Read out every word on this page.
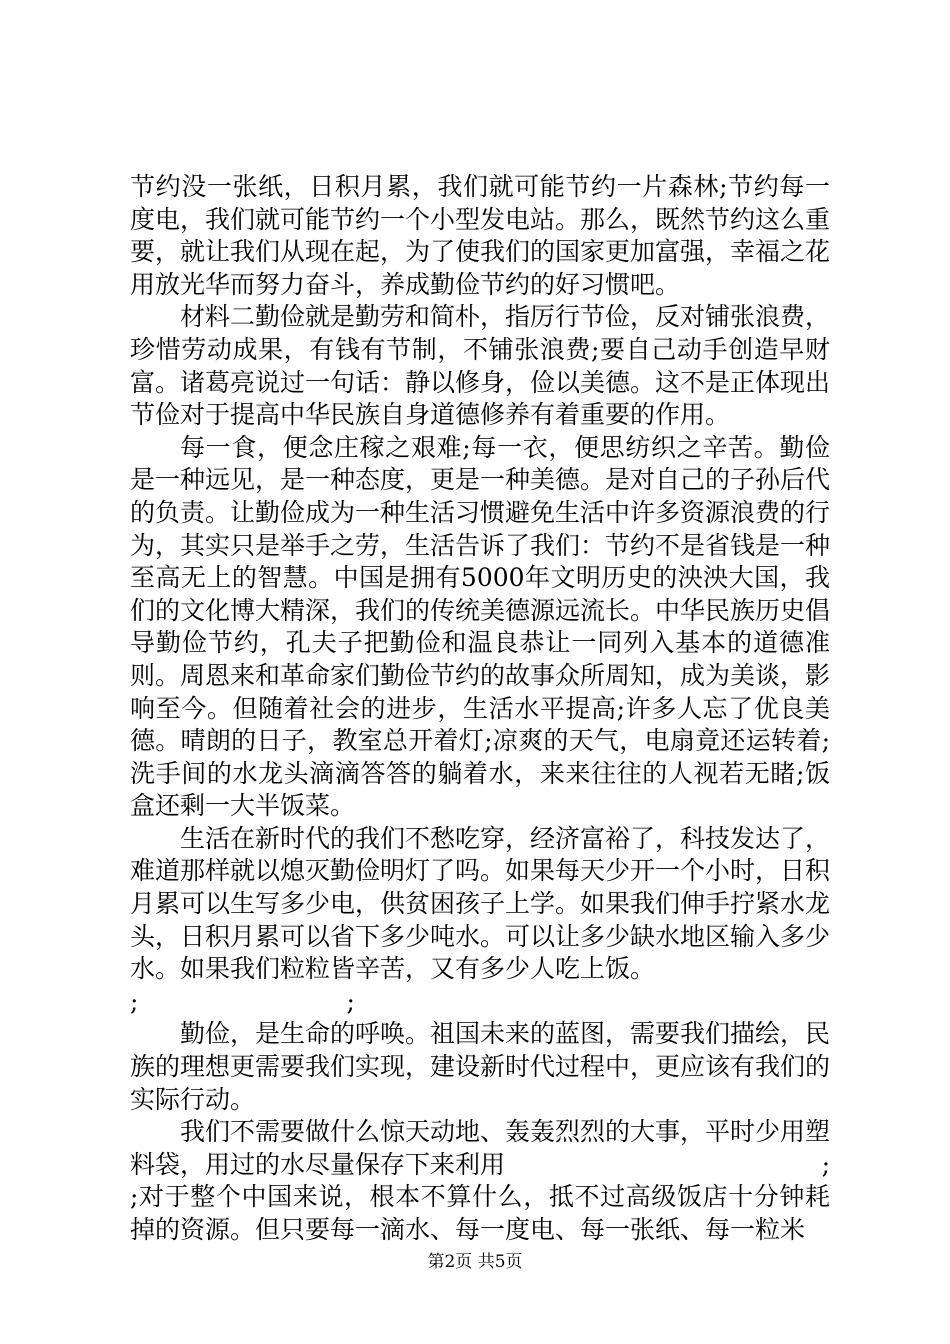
节约没一张纸，日积月累，我们就可能节约一片森林;节约每一度电，我们就可能节约一个小型发电站。那么，既然节约这么重要，就让我们从现在起，为了使我们的国家更加富强，幸福之花用放光华而努力奋斗，养成勤俭节约的好习惯吧。

材料二勤俭就是勤劳和简朴，指厉行节俭，反对铺张浪费，珍惜劳动成果，有钱有节制，不铺张浪费;要自己动手创造早财富。诸葛亮说过一句话：静以修身，俭以美德。这不是正体现出节俭对于提高中华民族自身道德修养有着重要的作用。

每一食，便念庄稼之艰难;每一衣，便思纺织之辛苦。勤俭是一种远见，是一种态度，更是一种美德。是对自己的子孙后代的负责。让勤俭成为一种生活习惯避免生活中许多资源浪费的行为，其实只是举手之劳，生活告诉了我们：节约不是省钱是一种至高无上的智慧。中国是拥有5000年文明历史的泱泱大国，我们的文化博大精深，我们的传统美德源远流长。中华民族历史倡导勤俭节约，孔夫子把勤俭和温良恭让一同列入基本的道德准则。周恩来和革命家们勤俭节约的故事众所周知，成为美谈，影响至今。但随着社会的进步，生活水平提高;许多人忘了优良美德。晴朗的日子，教室总开着灯;凉爽的天气，电扇竟还运转着;洗手间的水龙头滴滴答答的躺着水，来来往往的人视若无睹;饭盒还剩一大半饭菜。

生活在新时代的我们不愁吃穿，经济富裕了，科技发达了，难道那样就以熄灭勤俭明灯了吗。如果每天少开一个小时，日积月累可以生写多少电，供贫困孩子上学。如果我们伸手拧紧水龙头，日积月累可以省下多少吨水。可以让多少缺水地区输入多少水。如果我们粒粒皆辛苦，又有多少人吃上饭。

;	;

勤俭，是生命的呼唤。祖国未来的蓝图，需要我们描绘，民族的理想更需要我们实现，建设新时代过程中，更应该有我们的实际行动。

我们不需要做什么惊天动地、轰轰烈烈的大事，平时少用塑料袋，用过的水尽量保存下来利用	;

;对于整个中国来说，根本不算什么，抵不过高级饭店十分钟耗掉的资源。但只要每一滴水、每一度电、每一张纸、每一粒米

第2页 共5页
